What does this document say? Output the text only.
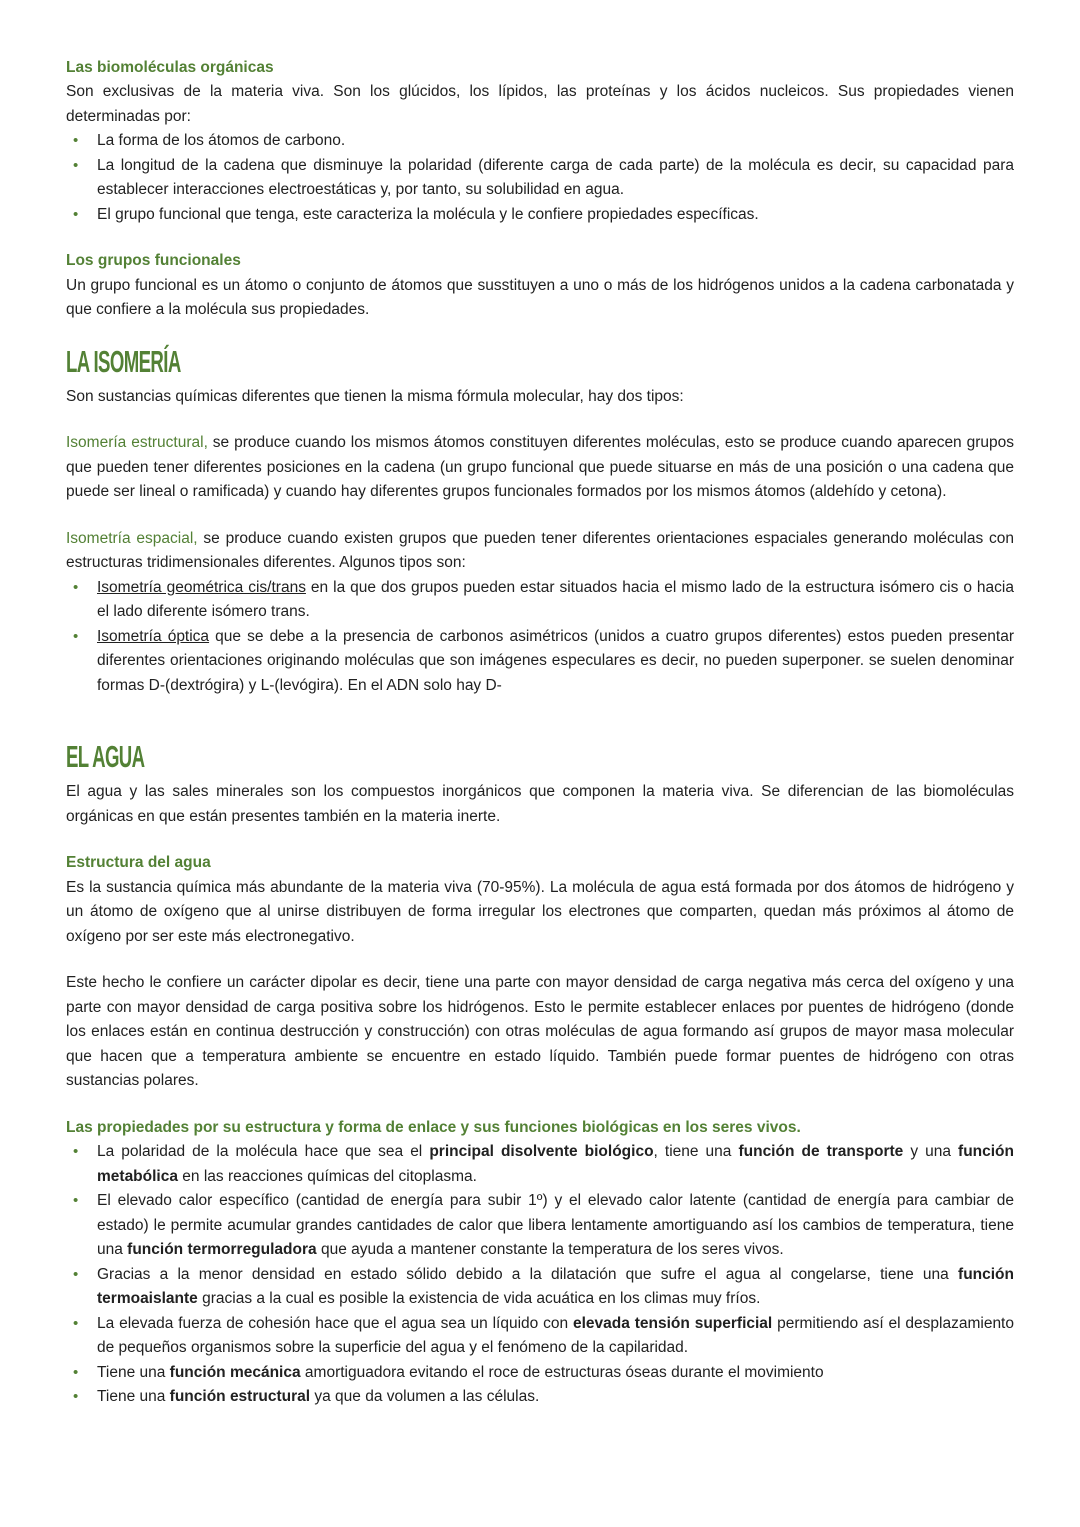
Las biomoléculas orgánicas

Son exclusivas de la materia viva. Son los glúcidos, los lípidos, las proteínas y los ácidos nucleicos. Sus propiedades vienen determinadas por:

• La forma de los átomos de carbono.
• La longitud de la cadena que disminuye la polaridad (diferente carga de cada parte) de la molécula es decir, su capacidad para establecer interacciones electroestáticas y, por tanto, su solubilidad en agua.
• El grupo funcional que tenga, este caracteriza la molécula y le confiere propiedades específicas.
Los grupos funcionales

Un grupo funcional es un átomo o conjunto de átomos que susstituyen a uno o más de los hidrógenos unidos a la cadena carbonatada y que confiere a la molécula sus propiedades.

LA ISOMERÍA

Son sustancias químicas diferentes que tienen la misma fórmula molecular, hay dos tipos:

Isomería estructural, se produce cuando los mismos átomos constituyen diferentes moléculas, esto se produce cuando aparecen grupos que pueden tener diferentes posiciones en la cadena (un grupo funcional que puede situarse en más de una posición o una cadena que puede ser lineal o ramificada) y cuando hay diferentes grupos funcionales formados por los mismos átomos (aldehído y cetona).

Isometría espacial, se produce cuando existen grupos que pueden tener diferentes orientaciones espaciales generando moléculas con estructuras tridimensionales diferentes. Algunos tipos son:

• Isometría geométrica cis/trans en la que dos grupos pueden estar situados hacia el mismo lado de la estructura isómero cis o hacia el lado diferente isómero trans.
• Isometría óptica que se debe a la presencia de carbonos asimétricos (unidos a cuatro grupos diferentes) estos pueden presentar diferentes orientaciones originando moléculas que son imágenes especulares es decir, no pueden superponer. se suelen denominar formas D-(dextrógira) y L-(levógira). En el ADN solo hay D-
EL AGUA

El agua y las sales minerales son los compuestos inorgánicos que componen la materia viva. Se diferencian de las biomoléculas orgánicas en que están presentes también en la materia inerte.

Estructura del agua

Es la sustancia química más abundante de la materia viva (70-95%). La molécula de agua está formada por dos átomos de hidrógeno y un átomo de oxígeno que al unirse distribuyen de forma irregular los electrones que comparten, quedan más próximos al átomo de oxígeno por ser este más electronegativo.

Este hecho le confiere un carácter dipolar es decir, tiene una parte con mayor densidad de carga negativa más cerca del oxígeno y una parte con mayor densidad de carga positiva sobre los hidrógenos. Esto le permite establecer enlaces por puentes de hidrógeno (donde los enlaces están en continua destrucción y construcción) con otras moléculas de agua formando así grupos de mayor masa molecular que hacen que a temperatura ambiente se encuentre en estado líquido. También puede formar puentes de hidrógeno con otras sustancias polares.

Las propiedades por su estructura y forma de enlace y sus funciones biológicas en los seres vivos.
• La polaridad de la molécula hace que sea el principal disolvente biológico, tiene una función de transporte y una función metabólica en las reacciones químicas del citoplasma.
• El elevado calor específico (cantidad de energía para subir 1º) y el elevado calor latente (cantidad de energía para cambiar de estado) le permite acumular grandes cantidades de calor que libera lentamente amortiguando así los cambios de temperatura, tiene una función termorreguladora que ayuda a mantener constante la temperatura de los seres vivos.
• Gracias a la menor densidad en estado sólido debido a la dilatación que sufre el agua al congelarse, tiene una función termoaislante gracias a la cual es posible la existencia de vida acuática en los climas muy fríos.
• La elevada fuerza de cohesión hace que el agua sea un líquido con elevada tensión superficial permitiendo así el desplazamiento de pequeños organismos sobre la superficie del agua y el fenómeno de la capilaridad.
• Tiene una función mecánica amortiguadora evitando el roce de estructuras óseas durante el movimiento
• Tiene una función estructural ya que da volumen a las células.
